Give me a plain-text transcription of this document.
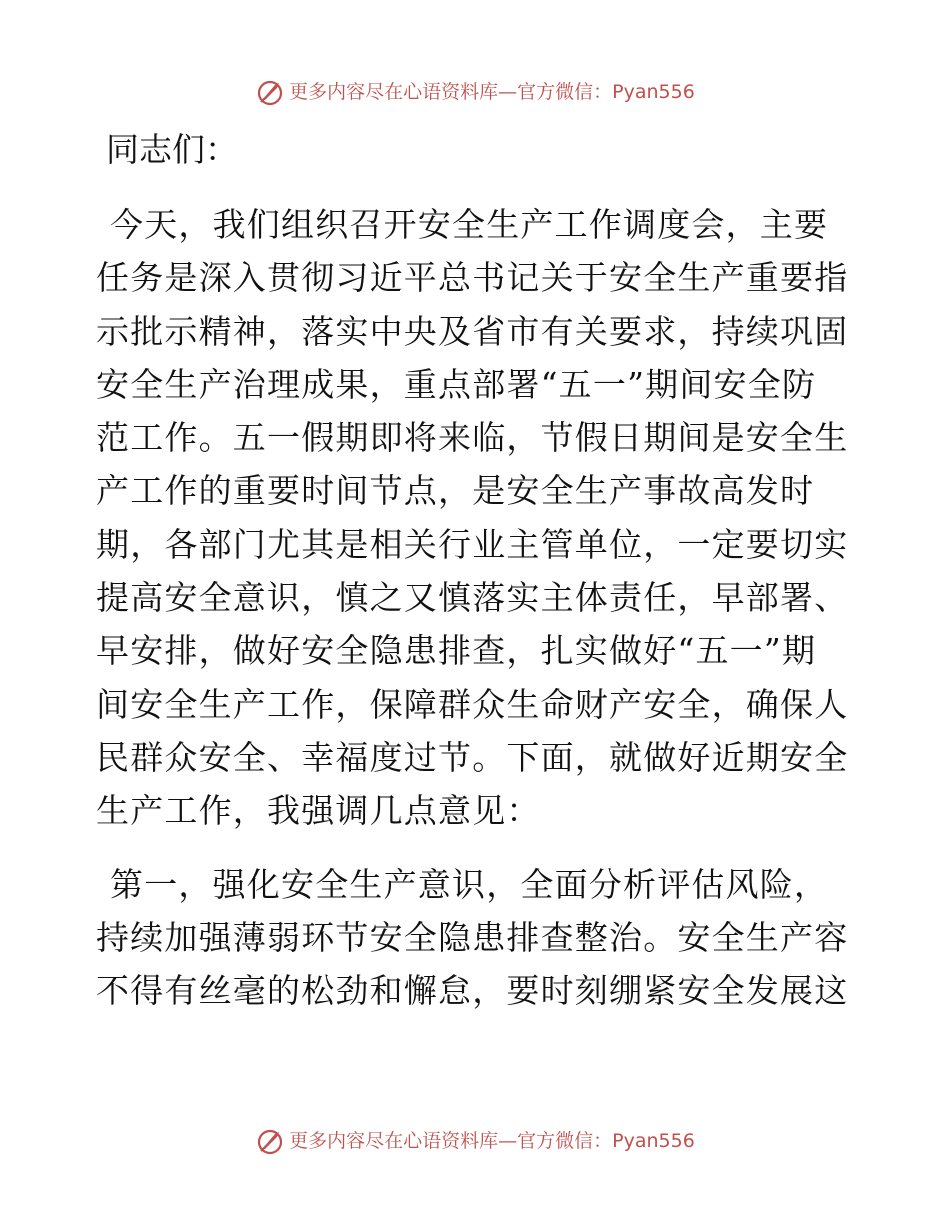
更多内容尽在心语资料库—官方微信：Pyan556

同志们：

今天，我们组织召开安全生产工作调度会，主要

任务是深入贯彻习近平总书记关于安全生产重要指

示批示精神，落实中央及省市有关要求，持续巩固

安全生产治理成果，重点部署“五一”期间安全防

范工作。五一假期即将来临，节假日期间是安全生

产工作的重要时间节点，是安全生产事故高发时

期，各部门尤其是相关行业主管单位，一定要切实

提高安全意识，慎之又慎落实主体责任，早部署、

早安排，做好安全隐患排查，扎实做好“五一”期

间安全生产工作，保障群众生命财产安全，确保人

民群众安全、幸福度过节。下面，就做好近期安全

生产工作，我强调几点意见：

第一，强化安全生产意识，全面分析评估风险，

持续加强薄弱环节安全隐患排查整治。安全生产容

不得有丝毫的松劲和懈怠，要时刻绷紧安全发展这

更多内容尽在心语资料库—官方微信：Pyan556
